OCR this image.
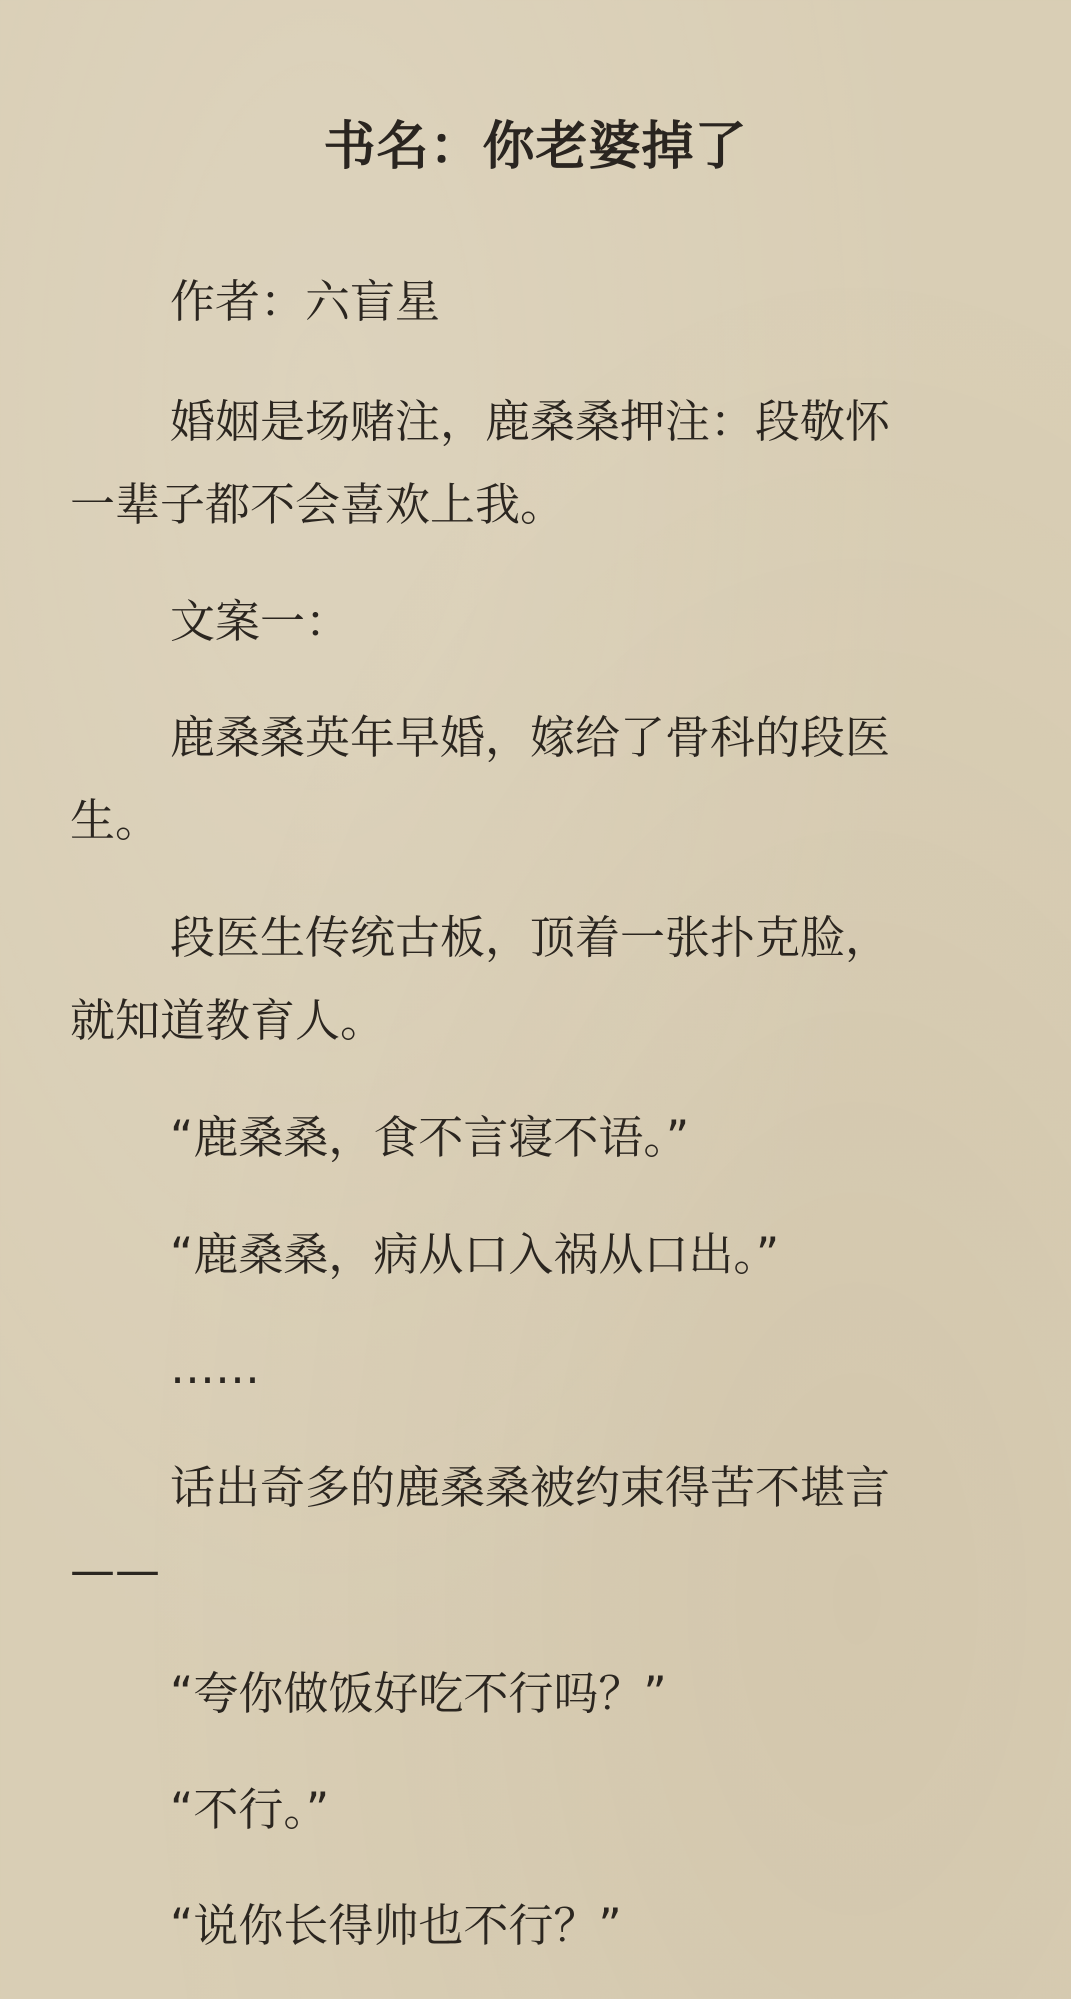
书名：你老婆掉了
作者：六盲星
婚姻是场赌注，鹿桑桑押注：段敬怀
一辈子都不会喜欢上我。
文案一：
鹿桑桑英年早婚，嫁给了骨科的段医
生。
段医生传统古板，顶着一张扑克脸，
就知道教育人。
“鹿桑桑，食不言寝不语。”
“鹿桑桑，病从口入祸从口出。”
……
话出奇多的鹿桑桑被约束得苦不堪言
——
“夸你做饭好吃不行吗？”
“不行。”
“说你长得帅也不行？”
